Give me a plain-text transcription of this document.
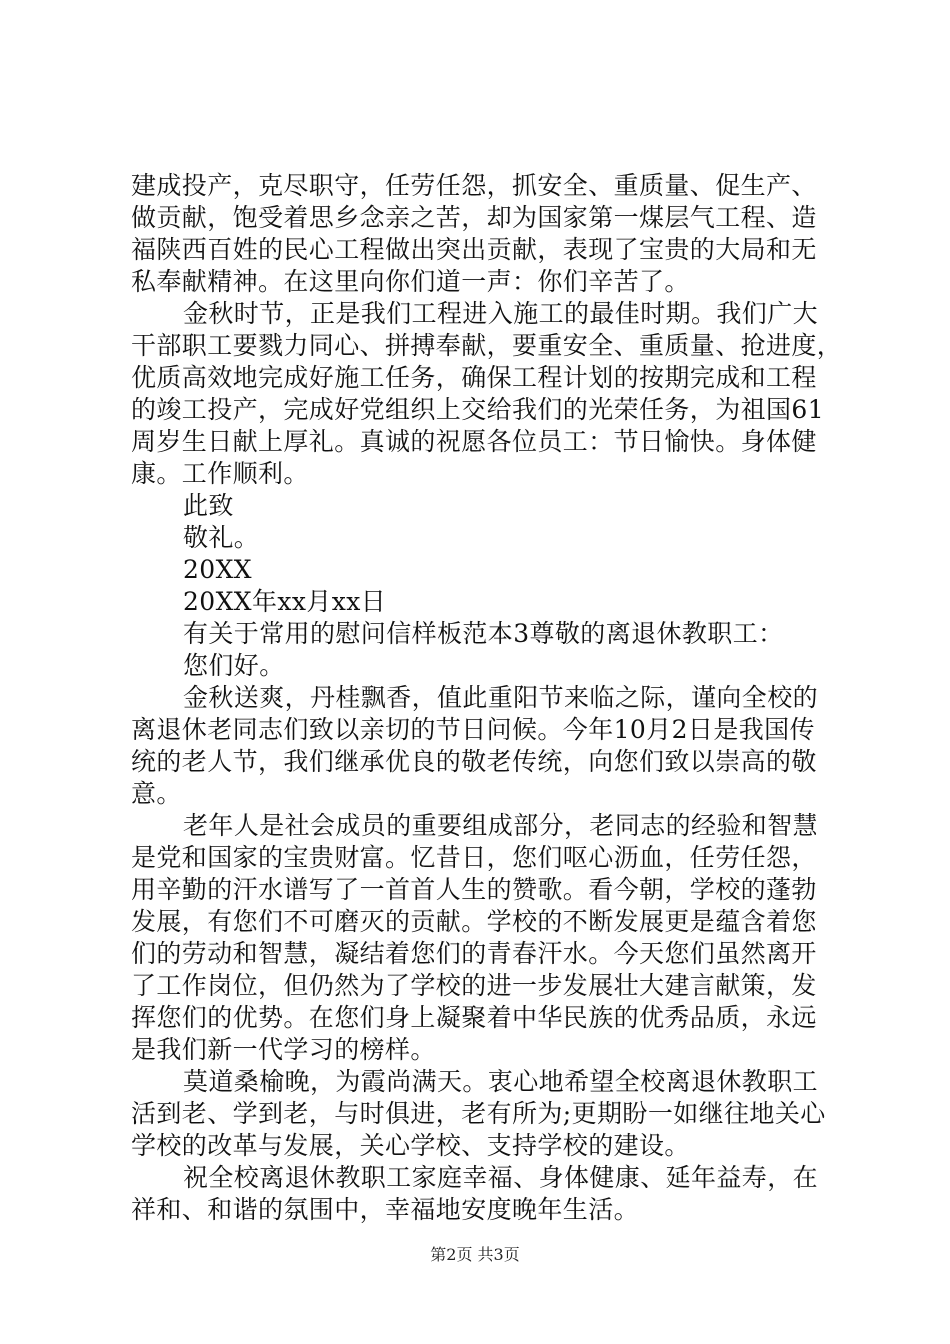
建成投产，克尽职守，任劳任怨，抓安全、重质量、促生产、
做贡献，饱受着思乡念亲之苦，却为国家第一煤层气工程、造
福陕西百姓的民心工程做出突出贡献，表现了宝贵的大局和无
私奉献精神。在这里向你们道一声：你们辛苦了。
金秋时节，正是我们工程进入施工的最佳时期。我们广大
干部职工要戮力同心、拼搏奉献，要重安全、重质量、抢进度，
优质高效地完成好施工任务，确保工程计划的按期完成和工程
的竣工投产，完成好党组织上交给我们的光荣任务，为祖国61
周岁生日献上厚礼。真诚的祝愿各位员工：节日愉快。身体健
康。工作顺利。
此致
敬礼。
20XX
20XX年xx月xx日
有关于常用的慰问信样板范本3尊敬的离退休教职工：
您们好。
金秋送爽，丹桂飘香，值此重阳节来临之际，谨向全校的
离退休老同志们致以亲切的节日问候。今年10月2日是我国传
统的老人节，我们继承优良的敬老传统，向您们致以崇高的敬
意。
老年人是社会成员的重要组成部分，老同志的经验和智慧
是党和国家的宝贵财富。忆昔日，您们呕心沥血，任劳任怨，
用辛勤的汗水谱写了一首首人生的赞歌。看今朝，学校的蓬勃
发展，有您们不可磨灭的贡献。学校的不断发展更是蕴含着您
们的劳动和智慧，凝结着您们的青春汗水。今天您们虽然离开
了工作岗位，但仍然为了学校的进一步发展壮大建言献策，发
挥您们的优势。在您们身上凝聚着中华民族的优秀品质，永远
是我们新一代学习的榜样。
莫道桑榆晚，为霞尚满天。衷心地希望全校离退休教职工
活到老、学到老，与时俱进，老有所为;更期盼一如继往地关心
学校的改革与发展，关心学校、支持学校的建设。
祝全校离退休教职工家庭幸福、身体健康、延年益寿，在
祥和、和谐的氛围中，幸福地安度晚年生活。
第2页 共3页
